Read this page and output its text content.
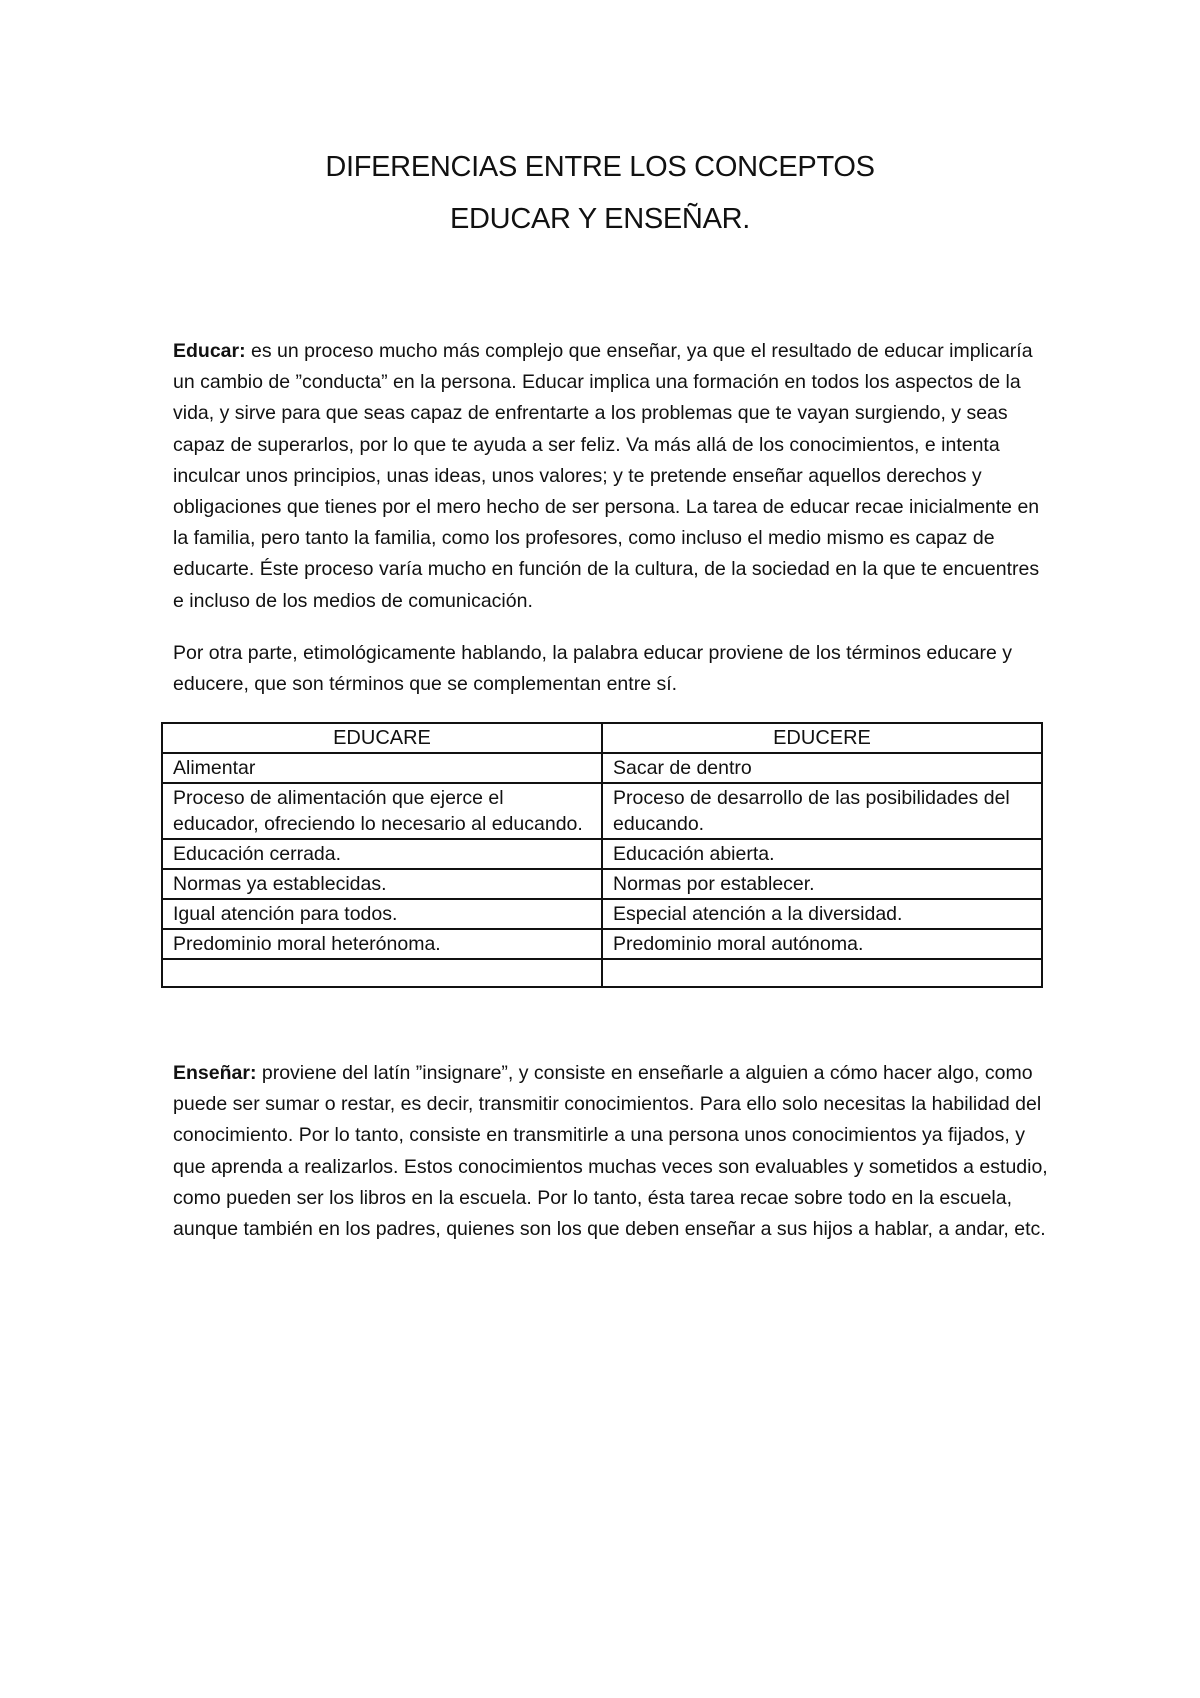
DIFERENCIAS ENTRE LOS CONCEPTOS
EDUCAR Y ENSEÑAR.

Educar: es un proceso mucho más complejo que enseñar, ya que el resultado de educar implicaría un cambio de ”conducta” en la persona. Educar implica una formación en todos los aspectos de la vida, y sirve para que seas capaz de enfrentarte a los problemas que te vayan surgiendo, y seas capaz de superarlos, por lo que te ayuda a ser feliz. Va más allá de los conocimientos, e intenta inculcar unos principios, unas ideas, unos valores; y te pretende enseñar aquellos derechos y obligaciones que tienes por el mero hecho de ser persona. La tarea de educar recae inicialmente en la familia, pero tanto la familia, como los profesores, como incluso el medio mismo es capaz de educarte. Éste proceso varía mucho en función de la cultura, de la sociedad en la que te encuentres e incluso de los medios de comunicación.

Por otra parte, etimológicamente hablando, la palabra educar proviene de los términos educare y educere, que son términos que se complementan entre sí.

EDUCARE	EDUCERE
Alimentar	Sacar de dentro
Proceso de alimentación que ejerce el educador, ofreciendo lo necesario al educando.	Proceso de desarrollo de las posibilidades del educando.
Educación cerrada.	Educación abierta.
Normas ya establecidas.	Normas por establecer.
Igual atención para todos.	Especial atención a la diversidad.
Predominio moral heterónoma.	Predominio moral autónoma.

Enseñar: proviene del latín ”insignare”, y consiste en enseñarle a alguien a cómo hacer algo, como puede ser sumar o restar, es decir, transmitir conocimientos. Para ello solo necesitas la habilidad del conocimiento. Por lo tanto, consiste en transmitirle a una persona unos conocimientos ya fijados, y que aprenda a realizarlos. Estos conocimientos muchas veces son evaluables y sometidos a estudio, como pueden ser los libros en la escuela. Por lo tanto, ésta tarea recae sobre todo en la escuela, aunque también en los padres, quienes son los que deben enseñar a sus hijos a hablar, a andar, etc.
